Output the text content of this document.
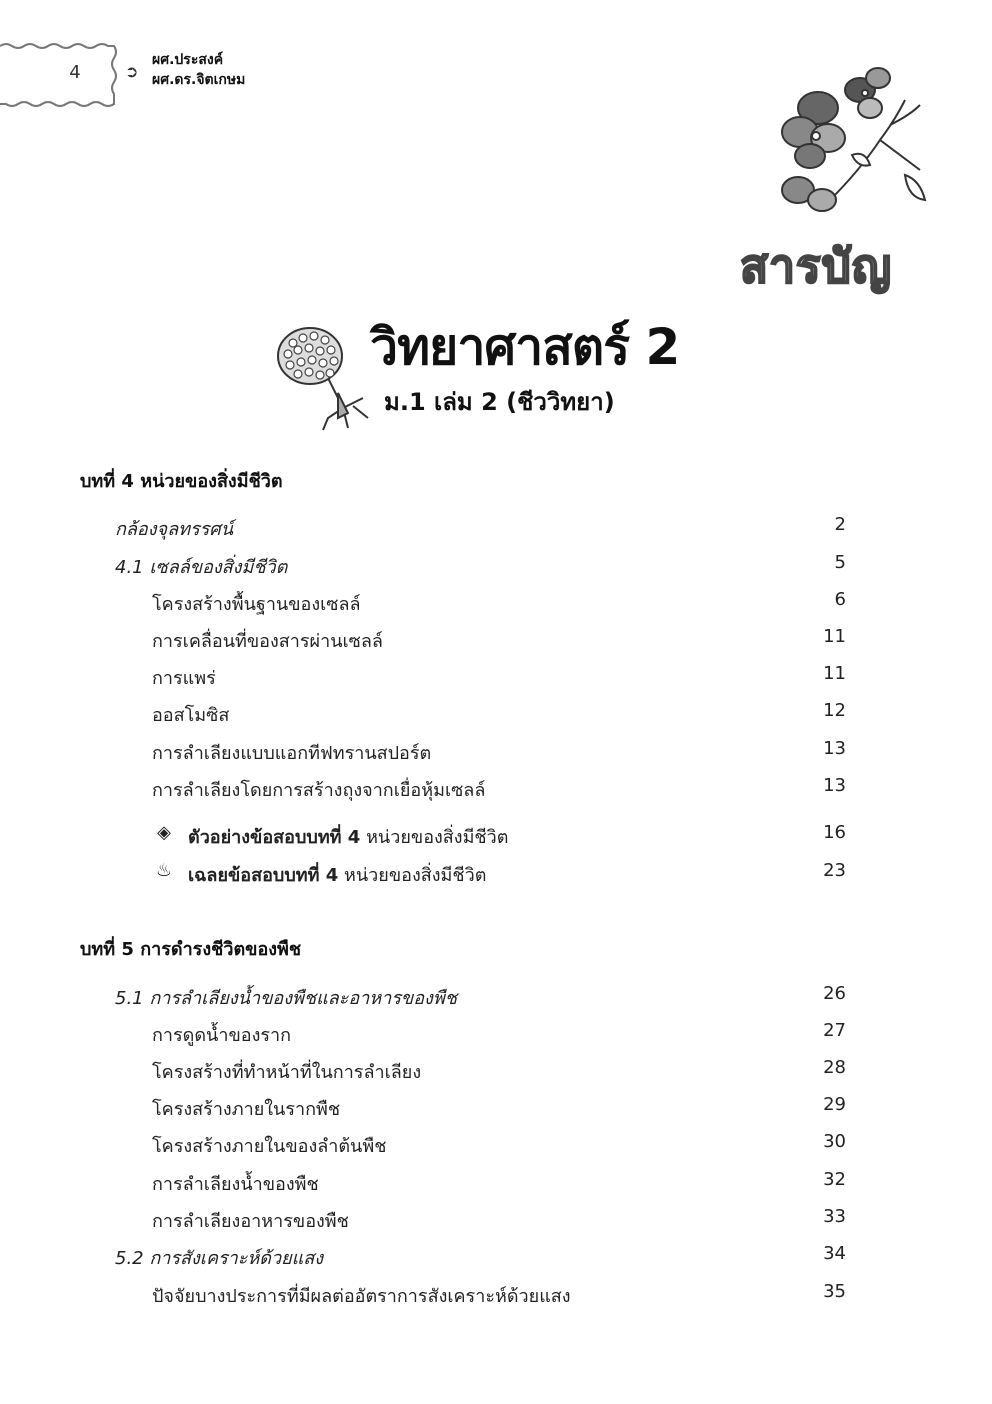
4	➲
ผศ.ประสงค์
ผศ.ดร.จิตเกษม
สารบัญ
วิทยาศาสตร์ 2
ม.1 เล่ม 2 (ชีววิทยา)
บทที่ 4 หน่วยของสิ่งมีชีวิต
กล้องจุลทรรศน์	2
4.1 เซลล์ของสิ่งมีชีวิต	5
โครงสร้างพื้นฐานของเซลล์	6
การเคลื่อนที่ของสารผ่านเซลล์	11
การแพร่	11
ออสโมซิส	12
การลำเลียงแบบแอกทีฟทรานสปอร์ต	13
การลำเลียงโดยการสร้างถุงจากเยื่อหุ้มเซลล์	13
◈ ตัวอย่างข้อสอบบทที่ 4 หน่วยของสิ่งมีชีวิต	16
♨ เฉลยข้อสอบบทที่ 4 หน่วยของสิ่งมีชีวิต	23
บทที่ 5 การดำรงชีวิตของพืช
5.1 การลำเลียงน้ำของพืชและอาหารของพืช	26
การดูดน้ำของราก	27
โครงสร้างที่ทำหน้าที่ในการลำเลียง	28
โครงสร้างภายในรากพืช	29
โครงสร้างภายในของลำต้นพืช	30
การลำเลียงน้ำของพืช	32
การลำเลียงอาหารของพืช	33
5.2 การสังเคราะห์ด้วยแสง	34
ปัจจัยบางประการที่มีผลต่ออัตราการสังเคราะห์ด้วยแสง	35
